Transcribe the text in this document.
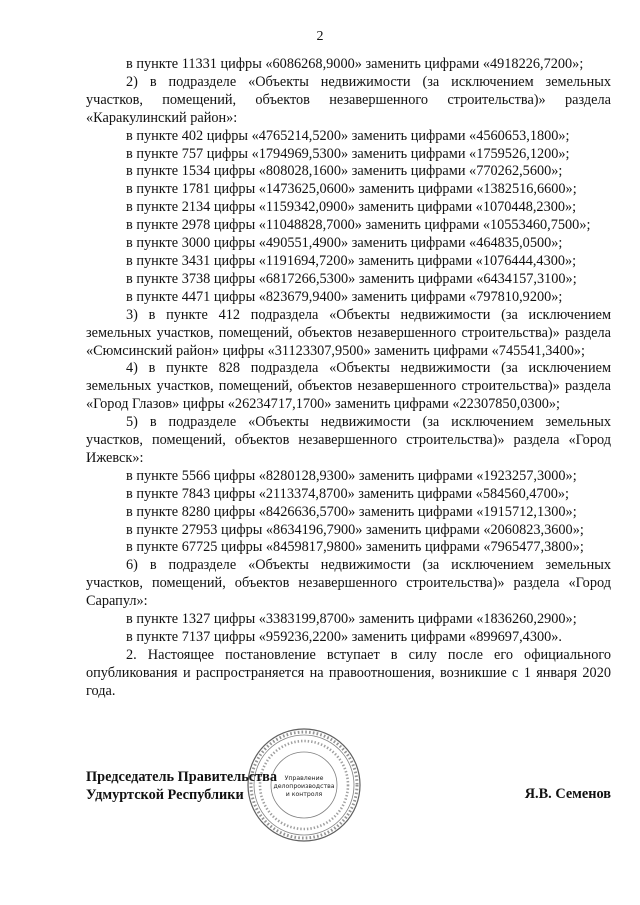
2

в пункте 11331 цифры «6086268,9000» заменить цифрами «4918226,7200»;

2) в подразделе «Объекты недвижимости (за исключением земельных участков, помещений, объектов незавершенного строительства)» раздела «Каракулинский район»:

в пункте 402 цифры «4765214,5200» заменить цифрами «4560653,1800»;

в пункте 757 цифры «1794969,5300» заменить цифрами «1759526,1200»;

в пункте 1534 цифры «808028,1600» заменить цифрами «770262,5600»;

в пункте 1781 цифры «1473625,0600» заменить цифрами «1382516,6600»;

в пункте 2134 цифры «1159342,0900» заменить цифрами «1070448,2300»;

в пункте 2978 цифры «11048828,7000» заменить цифрами «10553460,7500»;

в пункте 3000 цифры «490551,4900» заменить цифрами «464835,0500»;

в пункте 3431 цифры «1191694,7200» заменить цифрами «1076444,4300»;

в пункте 3738 цифры «6817266,5300» заменить цифрами «6434157,3100»;

в пункте 4471 цифры «823679,9400» заменить цифрами «797810,9200»;

3) в пункте 412 подраздела «Объекты недвижимости (за исключением земельных участков, помещений, объектов незавершенного строительства)» раздела «Сюмсинский район» цифры «31123307,9500» заменить цифрами «745541,3400»;

4) в пункте 828 подраздела «Объекты недвижимости (за исключением земельных участков, помещений, объектов незавершенного строительства)» раздела «Город Глазов» цифры «26234717,1700» заменить цифрами «22307850,0300»;

5) в подразделе «Объекты недвижимости (за исключением земельных участков, помещений, объектов незавершенного строительства)» раздела «Город Ижевск»:

в пункте 5566 цифры «8280128,9300» заменить цифрами «1923257,3000»;

в пункте 7843 цифры «2113374,8700» заменить цифрами «584560,4700»;

в пункте 8280 цифры «8426636,5700» заменить цифрами «1915712,1300»;

в пункте 27953 цифры «8634196,7900» заменить цифрами «2060823,3600»;

в пункте 67725 цифры «8459817,9800» заменить цифрами «7965477,3800»;

6) в подразделе «Объекты недвижимости (за исключением земельных участков, помещений, объектов незавершенного строительства)» раздела «Город Сарапул»:

в пункте 1327 цифры «3383199,8700» заменить цифрами «1836260,2900»;

в пункте 7137 цифры «959236,2200» заменить цифрами «899697,4300».

2. Настоящее постановление вступает в силу после его официального опубликования и распространяется на правоотношения, возникшие с 1 января 2020 года.

Председатель Правительства
Удмуртской Республики	Я.В. Семенов
Управление
делопроизводства
и контроля
